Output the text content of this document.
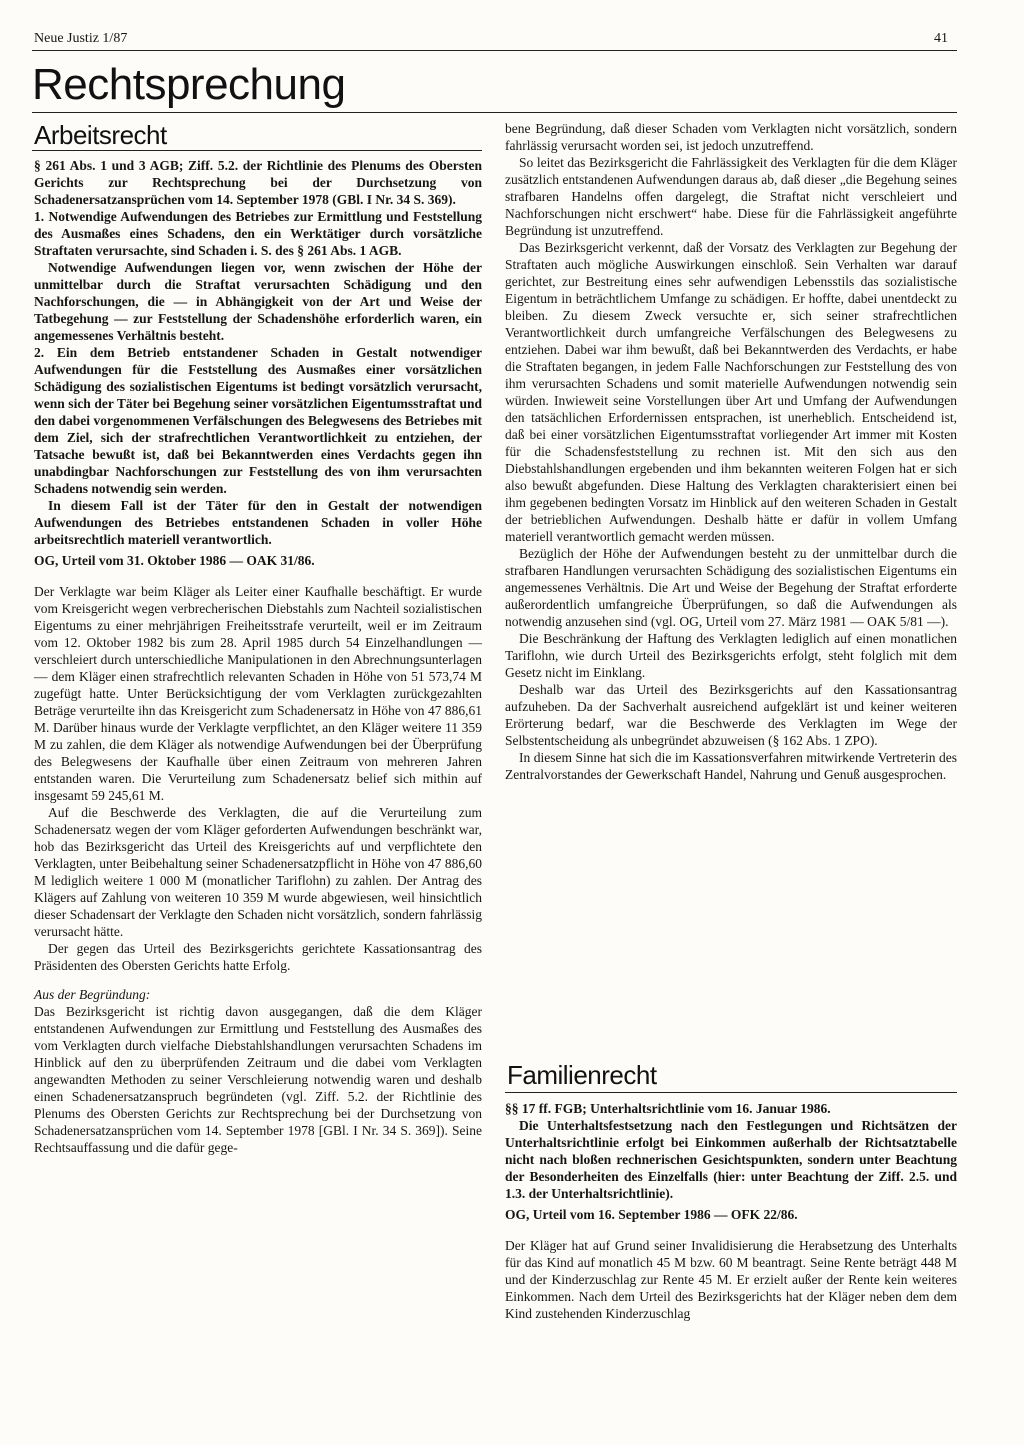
Neue Justiz 1/87	41
Rechtsprechung
Arbeitsrecht

§ 261 Abs. 1 und 3 AGB; Ziff. 5.2. der Richtlinie des Plenums des Obersten Gerichts zur Rechtsprechung bei der Durchsetzung von Schadenersatzansprüchen vom 14. September 1978 (GBl. I Nr. 34 S. 369).

1. Notwendige Aufwendungen des Betriebes zur Ermittlung und Feststellung des Ausmaßes eines Schadens, den ein Werktätiger durch vorsätzliche Straftaten verursachte, sind Schaden i. S. des § 261 Abs. 1 AGB.

Notwendige Aufwendungen liegen vor, wenn zwischen der Höhe der unmittelbar durch die Straftat verursachten Schädigung und den Nachforschungen, die — in Abhängigkeit von der Art und Weise der Tatbegehung — zur Feststellung der Schadenshöhe erforderlich waren, ein angemessenes Verhältnis besteht.

2. Ein dem Betrieb entstandener Schaden in Gestalt notwendiger Aufwendungen für die Feststellung des Ausmaßes einer vorsätzlichen Schädigung des sozialistischen Eigentums ist bedingt vorsätzlich verursacht, wenn sich der Täter bei Begehung seiner vorsätzlichen Eigentumsstraftat und den dabei vorgenommenen Verfälschungen des Belegwesens des Betriebes mit dem Ziel, sich der strafrechtlichen Verantwortlichkeit zu entziehen, der Tatsache bewußt ist, daß bei Bekanntwerden eines Verdachts gegen ihn unabdingbar Nachforschungen zur Feststellung des von ihm verursachten Schadens notwendig sein werden.

In diesem Fall ist der Täter für den in Gestalt der notwendigen Aufwendungen des Betriebes entstandenen Schaden in voller Höhe arbeitsrechtlich materiell verantwortlich.

OG, Urteil vom 31. Oktober 1986 — OAK 31/86.

Der Verklagte war beim Kläger als Leiter einer Kaufhalle beschäftigt. Er wurde vom Kreisgericht wegen verbrecherischen Diebstahls zum Nachteil sozialistischen Eigentums zu einer mehrjährigen Freiheitsstrafe verurteilt, weil er im Zeitraum vom 12. Oktober 1982 bis zum 28. April 1985 durch 54 Einzelhandlungen — verschleiert durch unterschiedliche Manipulationen in den Abrechnungsunterlagen — dem Kläger einen strafrechtlich relevanten Schaden in Höhe von 51 573,74 M zugefügt hatte. Unter Berücksichtigung der vom Verklagten zurückgezahlten Beträge verurteilte ihn das Kreisgericht zum Schadenersatz in Höhe von 47 886,61 M. Darüber hinaus wurde der Verklagte verpflichtet, an den Kläger weitere 11 359 M zu zahlen, die dem Kläger als notwendige Aufwendungen bei der Überprüfung des Belegwesens der Kaufhalle über einen Zeitraum von mehreren Jahren entstanden waren. Die Verurteilung zum Schadenersatz belief sich mithin auf insgesamt 59 245,61 M.

Auf die Beschwerde des Verklagten, die auf die Verurteilung zum Schadenersatz wegen der vom Kläger geforderten Aufwendungen beschränkt war, hob das Bezirksgericht das Urteil des Kreisgerichts auf und verpflichtete den Verklagten, unter Beibehaltung seiner Schadenersatzpflicht in Höhe von 47 886,60 M lediglich weitere 1 000 M (monatlicher Tariflohn) zu zahlen. Der Antrag des Klägers auf Zahlung von weiteren 10 359 M wurde abgewiesen, weil hinsichtlich dieser Schadensart der Verklagte den Schaden nicht vorsätzlich, sondern fahrlässig verursacht hätte.

Der gegen das Urteil des Bezirksgerichts gerichtete Kassationsantrag des Präsidenten des Obersten Gerichts hatte Erfolg.

Aus der Begründung:

Das Bezirksgericht ist richtig davon ausgegangen, daß die dem Kläger entstandenen Aufwendungen zur Ermittlung und Feststellung des Ausmaßes des vom Verklagten durch vielfache Diebstahlshandlungen verursachten Schadens im Hinblick auf den zu überprüfenden Zeitraum und die dabei vom Verklagten angewandten Methoden zu seiner Verschleierung notwendig waren und deshalb einen Schadenersatzanspruch begründeten (vgl. Ziff. 5.2. der Richtlinie des Plenums des Obersten Gerichts zur Rechtsprechung bei der Durchsetzung von Schadenersatzansprüchen vom 14. September 1978 [GBl. I Nr. 34 S. 369]). Seine Rechtsauffassung und die dafür gege-

bene Begründung, daß dieser Schaden vom Verklagten nicht vorsätzlich, sondern fahrlässig verursacht worden sei, ist jedoch unzutreffend.

So leitet das Bezirksgericht die Fahrlässigkeit des Verklagten für die dem Kläger zusätzlich entstandenen Aufwendungen daraus ab, daß dieser „die Begehung seines strafbaren Handelns offen dargelegt, die Straftat nicht verschleiert und Nachforschungen nicht erschwert“ habe. Diese für die Fahrlässigkeit angeführte Begründung ist unzutreffend.

Das Bezirksgericht verkennt, daß der Vorsatz des Verklagten zur Begehung der Straftaten auch mögliche Auswirkungen einschloß. Sein Verhalten war darauf gerichtet, zur Bestreitung eines sehr aufwendigen Lebensstils das sozialistische Eigentum in beträchtlichem Umfange zu schädigen. Er hoffte, dabei unentdeckt zu bleiben. Zu diesem Zweck versuchte er, sich seiner strafrechtlichen Verantwortlichkeit durch umfangreiche Verfälschungen des Belegwesens zu entziehen. Dabei war ihm bewußt, daß bei Bekanntwerden des Verdachts, er habe die Straftaten begangen, in jedem Falle Nachforschungen zur Feststellung des von ihm verursachten Schadens und somit materielle Aufwendungen notwendig sein würden. Inwieweit seine Vorstellungen über Art und Umfang der Aufwendungen den tatsächlichen Erfordernissen entsprachen, ist unerheblich. Entscheidend ist, daß bei einer vorsätzlichen Eigentumsstraftat vorliegender Art immer mit Kosten für die Schadensfeststellung zu rechnen ist. Mit den sich aus den Diebstahlshandlungen ergebenden und ihm bekannten weiteren Folgen hat er sich also bewußt abgefunden. Diese Haltung des Verklagten charakterisiert einen bei ihm gegebenen bedingten Vorsatz im Hinblick auf den weiteren Schaden in Gestalt der betrieblichen Aufwendungen. Deshalb hätte er dafür in vollem Umfang materiell verantwortlich gemacht werden müssen.

Bezüglich der Höhe der Aufwendungen besteht zu der unmittelbar durch die strafbaren Handlungen verursachten Schädigung des sozialistischen Eigentums ein angemessenes Verhältnis. Die Art und Weise der Begehung der Straftat erforderte außerordentlich umfangreiche Überprüfungen, so daß die Aufwendungen als notwendig anzusehen sind (vgl. OG, Urteil vom 27. März 1981 — OAK 5/81 —).

Die Beschränkung der Haftung des Verklagten lediglich auf einen monatlichen Tariflohn, wie durch Urteil des Bezirksgerichts erfolgt, steht folglich mit dem Gesetz nicht im Einklang.

Deshalb war das Urteil des Bezirksgerichts auf den Kassationsantrag aufzuheben. Da der Sachverhalt ausreichend aufgeklärt ist und keiner weiteren Erörterung bedarf, war die Beschwerde des Verklagten im Wege der Selbstentscheidung als unbegründet abzuweisen (§ 162 Abs. 1 ZPO).

In diesem Sinne hat sich die im Kassationsverfahren mitwirkende Vertreterin des Zentralvorstandes der Gewerkschaft Handel, Nahrung und Genuß ausgesprochen.

Familienrecht

§§ 17 ff. FGB; Unterhaltsrichtlinie vom 16. Januar 1986.

Die Unterhaltsfestsetzung nach den Festlegungen und Richtsätzen der Unterhaltsrichtlinie erfolgt bei Einkommen außerhalb der Richtsatztabelle nicht nach bloßen rechnerischen Gesichtspunkten, sondern unter Beachtung der Besonderheiten des Einzelfalls (hier: unter Beachtung der Ziff. 2.5. und 1.3. der Unterhaltsrichtlinie).

OG, Urteil vom 16. September 1986 — OFK 22/86.

Der Kläger hat auf Grund seiner Invalidisierung die Herabsetzung des Unterhalts für das Kind auf monatlich 45 M bzw. 60 M beantragt. Seine Rente beträgt 448 M und der Kinderzuschlag zur Rente 45 M. Er erzielt außer der Rente kein weiteres Einkommen. Nach dem Urteil des Bezirksgerichts hat der Kläger neben dem dem Kind zustehenden Kinderzuschlag
